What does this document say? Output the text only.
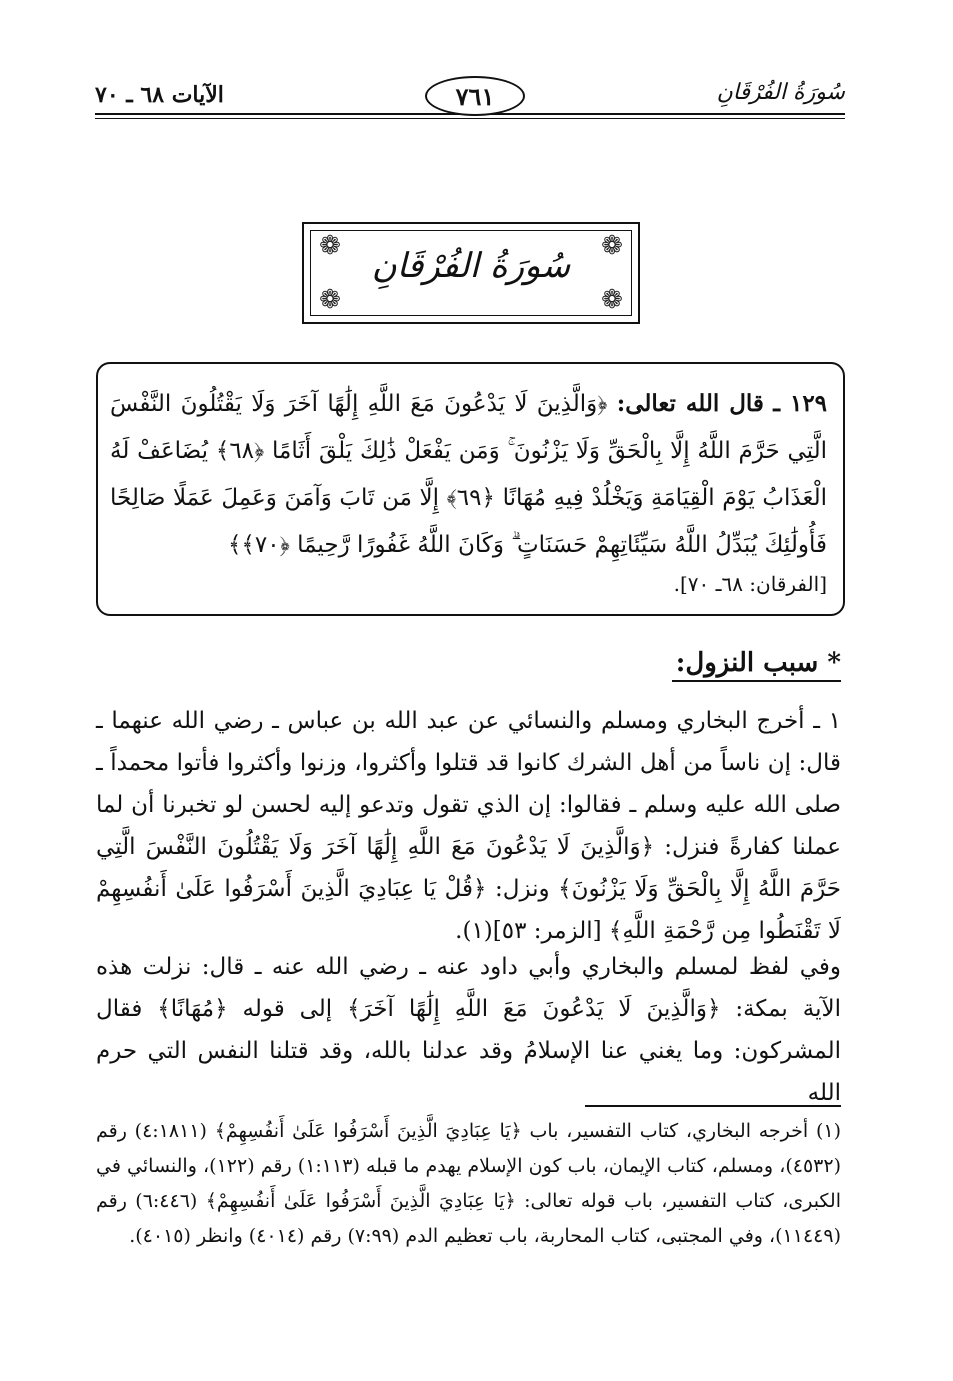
الآيات ٦٨ ـ ٧٠	٧٦١	سُورَةُ الفُرْقَانِ
❁	❁
❁	❁
سُورَةُ الفُرْقَانِ
١٢٩ ـ قال الله تعالى: ﴿وَالَّذِينَ لَا يَدْعُونَ مَعَ اللَّهِ إِلَٰهًا آخَرَ وَلَا يَقْتُلُونَ النَّفْسَ الَّتِي حَرَّمَ اللَّهُ إِلَّا بِالْحَقِّ وَلَا يَزْنُونَ ۚ وَمَن يَفْعَلْ ذَٰلِكَ يَلْقَ أَثَامًا ﴿٦٨﴾ يُضَاعَفْ لَهُ الْعَذَابُ يَوْمَ الْقِيَامَةِ وَيَخْلُدْ فِيهِ مُهَانًا ﴿٦٩﴾ إِلَّا مَن تَابَ وَآمَنَ وَعَمِلَ عَمَلًا صَالِحًا فَأُولَٰئِكَ يُبَدِّلُ اللَّهُ سَيِّئَاتِهِمْ حَسَنَاتٍ ۗ وَكَانَ اللَّهُ غَفُورًا رَّحِيمًا ﴿٧٠﴾﴾
[الفرقان: ٦٨ـ ٧٠].
* سبب النزول:
١ ـ أخرج البخاري ومسلم والنسائي عن عبد الله بن عباس ـ رضي الله عنهما ـ قال: إن ناساً من أهل الشرك كانوا قد قتلوا وأكثروا، وزنوا وأكثروا فأتوا محمداً ـ صلى الله عليه وسلم ـ فقالوا: إن الذي تقول وتدعو إليه لحسن لو تخبرنا أن لما عملنا كفارةً فنزل: ﴿وَالَّذِينَ لَا يَدْعُونَ مَعَ اللَّهِ إِلَٰهًا آخَرَ وَلَا يَقْتُلُونَ النَّفْسَ الَّتِي حَرَّمَ اللَّهُ إِلَّا بِالْحَقِّ وَلَا يَزْنُونَ﴾ ونزل: ﴿قُلْ يَا عِبَادِيَ الَّذِينَ أَسْرَفُوا عَلَىٰ أَنفُسِهِمْ لَا تَقْنَطُوا مِن رَّحْمَةِ اللَّهِ﴾ [الزمر: ٥٣](١).
وفي لفظ لمسلم والبخاري وأبي داود عنه ـ رضي الله عنه ـ قال: نزلت هذه الآية بمكة: ﴿وَالَّذِينَ لَا يَدْعُونَ مَعَ اللَّهِ إِلَٰهًا آخَرَ﴾ إلى قوله ﴿مُهَانًا﴾ فقال المشركون: وما يغني عنا الإسلامُ وقد عدلنا بالله، وقد قتلنا النفس التي حرم الله
(١) أخرجه البخاري، كتاب التفسير، باب ﴿يَا عِبَادِيَ الَّذِينَ أَسْرَفُوا عَلَىٰ أَنفُسِهِمْ﴾ (٤:١٨١١) رقم (٤٥٣٢)، ومسلم، كتاب الإيمان، باب كون الإسلام يهدم ما قبله (١:١١٣) رقم (١٢٢)، والنسائي في الكبرى، كتاب التفسير، باب قوله تعالى: ﴿يَا عِبَادِيَ الَّذِينَ أَسْرَفُوا عَلَىٰ أَنفُسِهِمْ﴾ (٦:٤٤٦) رقم (١١٤٤٩)، وفي المجتبى، كتاب المحاربة، باب تعظيم الدم (٧:٩٩) رقم (٤٠١٤) وانظر (٤٠١٥).
